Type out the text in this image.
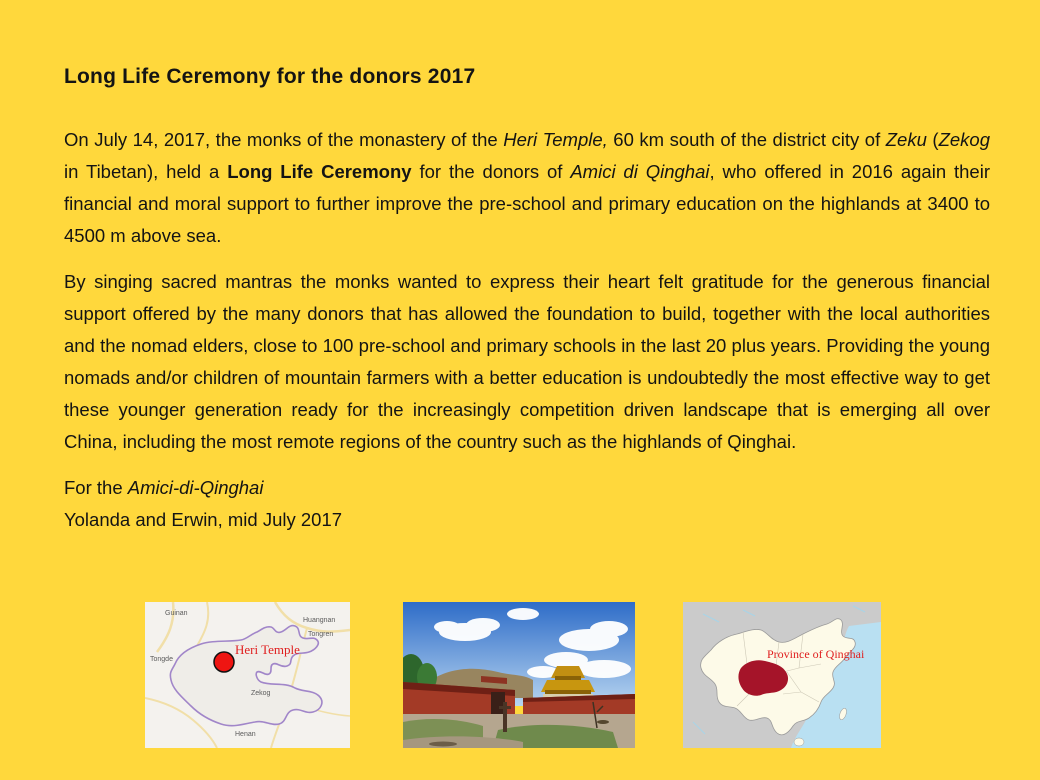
Long Life Ceremony for the donors 2017

On July 14, 2017, the monks of the monastery of the Heri Temple, 60 km south of the district city of Zeku (Zekog in Tibetan), held a Long Life Ceremony for the donors of Amici di Qinghai, who offered in 2016 again their financial and moral support to further improve the pre-school and primary education on the highlands at 3400 to 4500 m above sea.

By singing sacred mantras the monks wanted to express their heart felt gratitude for the generous financial support offered by the many donors that has allowed the foundation to build, together with the local authorities and the nomad elders, close to 100 pre-school and primary schools in the last 20 plus years. Providing the young nomads and/or children of mountain farmers with a better education is undoubtedly the most effective way to get these younger generation ready for the increasingly competition driven landscape that is emerging all over China, including the most remote regions of the country such as the highlands of Qinghai.

For the Amici-di-Qinghai

Yolanda and Erwin, mid July 2017

Heri Temple
Guinan
Huangnan
Tongren
Tongde
Zekog
Henan
Province of Qinghai
